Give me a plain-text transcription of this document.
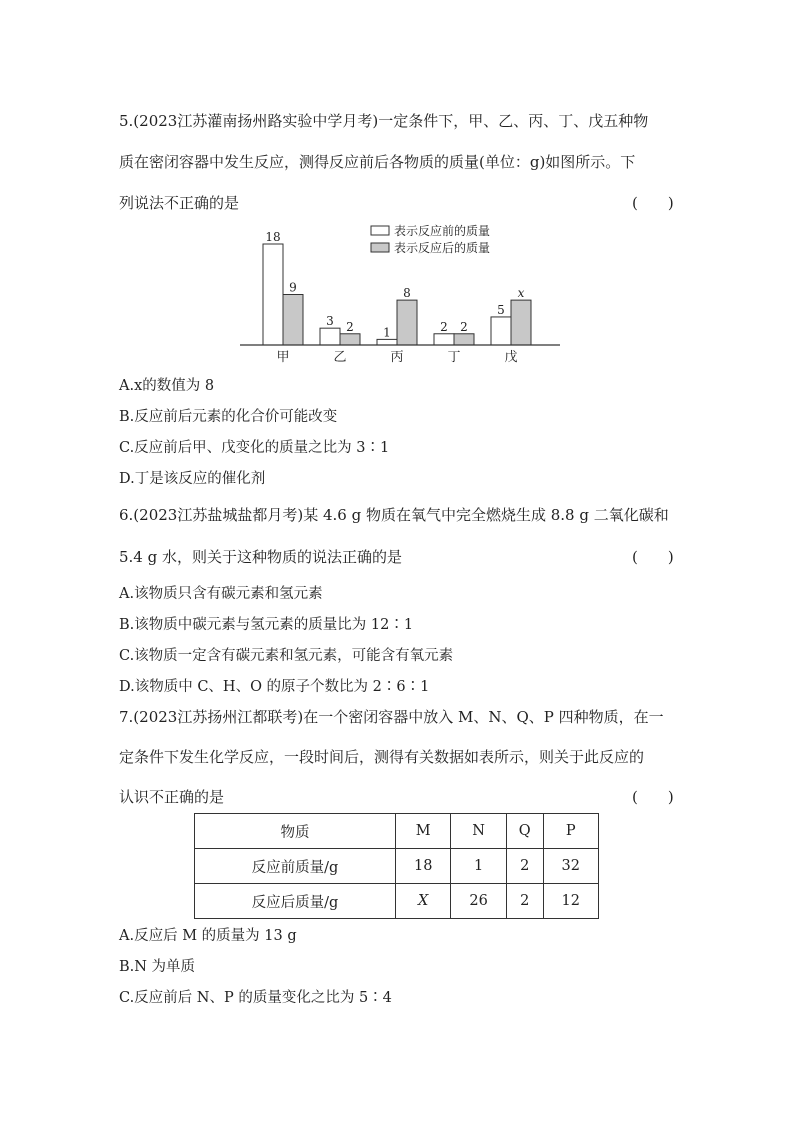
5.(2023江苏灌南扬州路实验中学月考)一定条件下，甲、乙、丙、丁、戊五种物
质在密闭容器中发生反应，测得反应前后各物质的质量(单位：g)如图所示。下
列说法不正确的是	(　　)
表示反应前的质量
表示反应后的质量
18
9
3 2 1
8
2 2
5
x
甲	乙	丙	丁	戊
A.x的数值为 8
B.反应前后元素的化合价可能改变
C.反应前后甲、戊变化的质量之比为 3∶1
D.丁是该反应的催化剂
6.(2023江苏盐城盐都月考)某 4.6 g 物质在氧气中完全燃烧生成 8.8 g 二氧化碳和
5.4 g 水，则关于这种物质的说法正确的是	(　　)
A.该物质只含有碳元素和氢元素
B.该物质中碳元素与氢元素的质量比为 12∶1
C.该物质一定含有碳元素和氢元素，可能含有氧元素
D.该物质中 C、H、O 的原子个数比为 2∶6∶1
7.(2023江苏扬州江都联考)在一个密闭容器中放入 M、N、Q、P 四种物质，在一
定条件下发生化学反应，一段时间后，测得有关数据如表所示，则关于此反应的
认识不正确的是	(　　)
物质	M	N	Q	P
反应前质量/g	18	1	2	32
反应后质量/g	X	26	2	12
A.反应后 M 的质量为 13 g
B.N 为单质
C.反应前后 N、P 的质量变化之比为 5∶4
